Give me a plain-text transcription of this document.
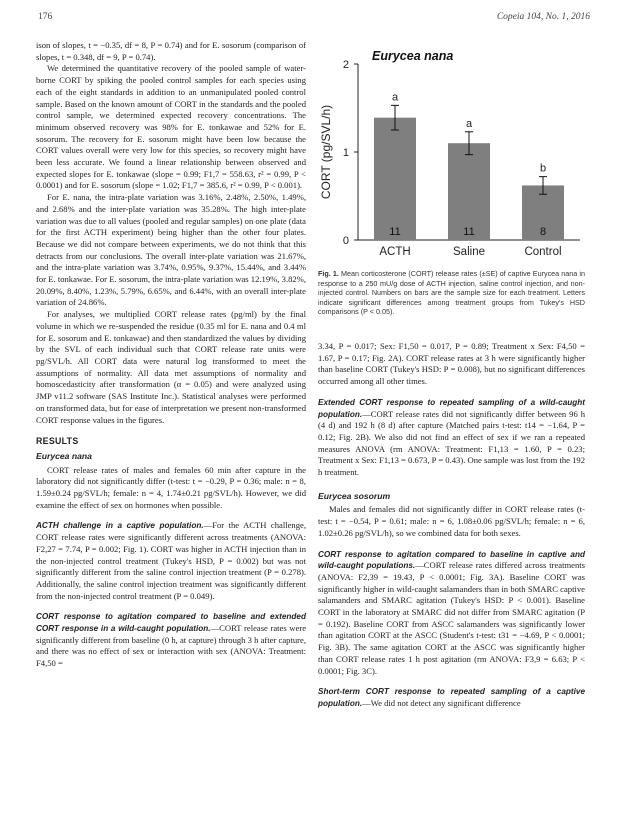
176	Copeia 104, No. 1, 2016

ison of slopes, t = −0.35, df = 8, P = 0.74) and for E. sosorum (comparison of slopes, t = 0.348, df = 9, P = 0.74).

We determined the quantitative recovery of the pooled sample of water-borne CORT by spiking the pooled control samples for each species using each of the eight standards in addition to an unmanipulated pooled control sample. Based on the known amount of CORT in the standards and the pooled control sample, we determined expected recovery concentrations. The minimum observed recovery was 98% for E. tonkawae and 52% for E. sosorum. The recovery for E. sosorum might have been low because the CORT values overall were very low for this species, so recovery might have been less accurate. We found a linear relationship between observed and expected slopes for E. tonkawae (slope = 0.99; F1,7 = 558.63, r² = 0.99, P < 0.0001) and for E. sosorum (slope = 1.02; F1,7 = 385.6, r² = 0.99, P < 0.001).

For E. nana, the intra-plate variation was 3.16%, 2.48%, 2.50%, 1.49%, and 2.68% and the inter-plate variation was 35.28%. The high inter-plate variation was due to all values (pooled and regular samples) on one plate (data for the first ACTH experiment) being higher than the other four plates. Because we did not compare between experiments, we do not think that this detracts from our conclusions. The overall inter-plate variation was 21.67%, and the intra-plate variation was 3.74%, 0.95%, 9.37%, 15.44%, and 3.44% for E. tonkawae. For E. sosorum, the intra-plate variation was 12.19%, 3.82%, 20.09%, 8.40%, 1.23%, 5.79%, 6.65%, and 6.44%, with an overall inter-plate variation of 24.86%.

For analyses, we multiplied CORT release rates (pg/ml) by the final volume in which we re-suspended the residue (0.35 ml for E. nana and 0.4 ml for E. sosorum and E. tonkawae) and then standardized the values by dividing by the SVL of each individual such that CORT release rate units were pg/SVL/h. All CORT data were natural log transformed to meet the assumptions of normality. All data met assumptions of normality and homoscedasticity after transformation (α = 0.05) and were analyzed using JMP v11.2 software (SAS Institute Inc.). Statistical analyses were performed on transformed data, but for ease of interpretation we present non-transformed CORT response values in the figures.

RESULTS
Eurycea nana

CORT release rates of males and females 60 min after capture in the laboratory did not significantly differ (t-test: t = −0.29, P = 0.36; male: n = 8, 1.59±0.24 pg/SVL/h; female: n = 4, 1.74±0.21 pg/SVL/h). However, we did examine the effect of sex on hormones when possible.

ACTH challenge in a captive population.—For the ACTH challenge, CORT release rates were significantly different across treatments (ANOVA: F2,27 = 7.74, P = 0.002; Fig. 1). CORT was higher in ACTH injection than in the non-injected control treatment (Tukey's HSD, P = 0.002) but was not significantly different from the saline control injection treatment (P = 0.278). Additionally, the saline control injection treatment was significantly different from the non-injected control treatment (P = 0.049).

CORT response to agitation compared to baseline and extended CORT response in a wild-caught population.—CORT release rates were significantly different from baseline (0 h, at capture) through 3 h after capture, and there was no effect of sex or interaction with sex (ANOVA: Treatment: F4,50 =

0
1
2
CORT (pg/SVL/h)
Eurycea nana
a
11
ACTH
a
11
Saline
b
8
Control
Fig. 1. Mean corticosterone (CORT) release rates (±SE) of captive Eurycea nana in response to a 250 mU/g dose of ACTH injection, saline control injection, and non-injected control. Numbers on bars are the sample size for each treatment. Letters indicate significant differences among treatment groups from Tukey's HSD comparisons (P < 0.05).

3.34, P = 0.017; Sex: F1,50 = 0.017, P = 0.89; Treatment x Sex: F4,50 = 1.67, P = 0.17; Fig. 2A). CORT release rates at 3 h were significantly higher than baseline CORT (Tukey's HSD: P = 0.008), but no significant differences occurred among all other times.

Extended CORT response to repeated sampling of a wild-caught population.—CORT release rates did not significantly differ between 96 h (4 d) and 192 h (8 d) after capture (Matched pairs t-test: t14 = −1.64, P = 0.12; Fig. 2B). We also did not find an effect of sex if we ran a repeated measures ANOVA (rm ANOVA: Treatment: F1,13 = 1.60, P = 0.23; Treatment x Sex: F1,13 = 0.673, P = 0.43). One sample was lost from the 192 h treatment.

Eurycea sosorum

Males and females did not significantly differ in CORT release rates (t-test: t = −0.54, P = 0.61; male: n = 6, 1.08±0.06 pg/SVL/h; female: n = 6, 1.02±0.26 pg/SVL/h), so we combined data for both sexes.

CORT response to agitation compared to baseline in captive and wild-caught populations.—CORT release rates differed across treatments (ANOVA: F2,39 = 19.43, P < 0.0001; Fig. 3A). Baseline CORT was significantly higher in wild-caught salamanders than in both SMARC captive salamanders and SMARC agitation (Tukey's HSD: P < 0.001). Baseline CORT in the laboratory at SMARC did not differ from SMARC agitation (P = 0.192). Baseline CORT from ASCC salamanders was significantly lower than agitation CORT at the ASCC (Student's t-test: t31 = −4.69, P < 0.0001; Fig. 3B). The same agitation CORT at the ASCC was significantly higher than CORT release rates 1 h post agitation (rm ANOVA: F3,9 = 6.63; P < 0.0001; Fig. 3C).

Short-term CORT response to repeated sampling of a captive population.—We did not detect any significant difference
